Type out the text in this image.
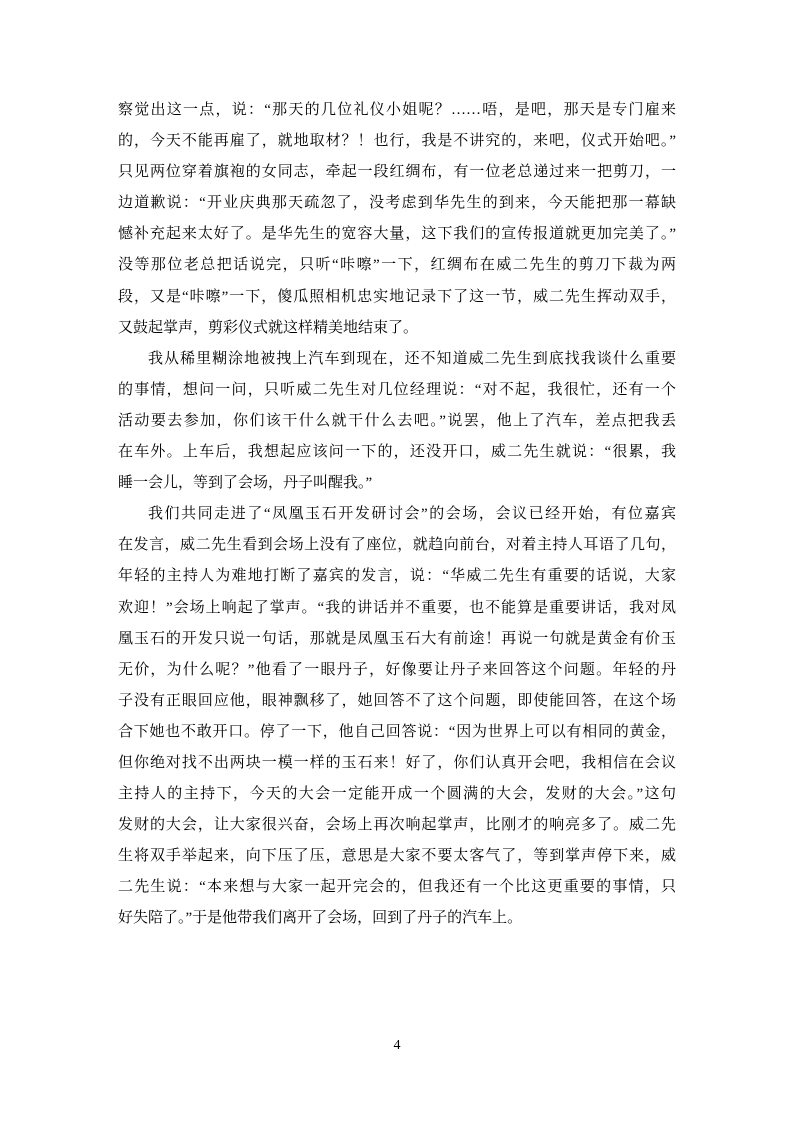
察觉出这一点，说：“那天的几位礼仪小姐呢？……唔，是吧，那天是专门雇来
的，今天不能再雇了，就地取材？！也行，我是不讲究的，来吧，仪式开始吧。”
只见两位穿着旗袍的女同志，牵起一段红绸布，有一位老总递过来一把剪刀，一
边道歉说：“开业庆典那天疏忽了，没考虑到华先生的到来，今天能把那一幕缺
憾补充起来太好了。是华先生的宽容大量，这下我们的宣传报道就更加完美了。”
没等那位老总把话说完，只听“咔嚓”一下，红绸布在威二先生的剪刀下裁为两
段，又是“咔嚓”一下，傻瓜照相机忠实地记录下了这一节，威二先生挥动双手，
又鼓起掌声，剪彩仪式就这样精美地结束了。
我从稀里糊涂地被拽上汽车到现在，还不知道威二先生到底找我谈什么重要
的事情，想问一问，只听威二先生对几位经理说：“对不起，我很忙，还有一个
活动要去参加，你们该干什么就干什么去吧。”说罢，他上了汽车，差点把我丢
在车外。上车后，我想起应该问一下的，还没开口，威二先生就说：“很累，我
睡一会儿，等到了会场，丹子叫醒我。”
我们共同走进了“凤凰玉石开发研讨会”的会场，会议已经开始，有位嘉宾
在发言，威二先生看到会场上没有了座位，就趋向前台，对着主持人耳语了几句，
年轻的主持人为难地打断了嘉宾的发言，说：“华威二先生有重要的话说，大家
欢迎！”会场上响起了掌声。“我的讲话并不重要，也不能算是重要讲话，我对凤
凰玉石的开发只说一句话，那就是凤凰玉石大有前途！再说一句就是黄金有价玉
无价，为什么呢？”他看了一眼丹子，好像要让丹子来回答这个问题。年轻的丹
子没有正眼回应他，眼神飘移了，她回答不了这个问题，即使能回答，在这个场
合下她也不敢开口。停了一下，他自己回答说：“因为世界上可以有相同的黄金，
但你绝对找不出两块一模一样的玉石来！好了，你们认真开会吧，我相信在会议
主持人的主持下，今天的大会一定能开成一个圆满的大会，发财的大会。”这句
发财的大会，让大家很兴奋，会场上再次响起掌声，比刚才的响亮多了。威二先
生将双手举起来，向下压了压，意思是大家不要太客气了，等到掌声停下来，威
二先生说：“本来想与大家一起开完会的，但我还有一个比这更重要的事情，只
好失陪了。”于是他带我们离开了会场，回到了丹子的汽车上。
4
